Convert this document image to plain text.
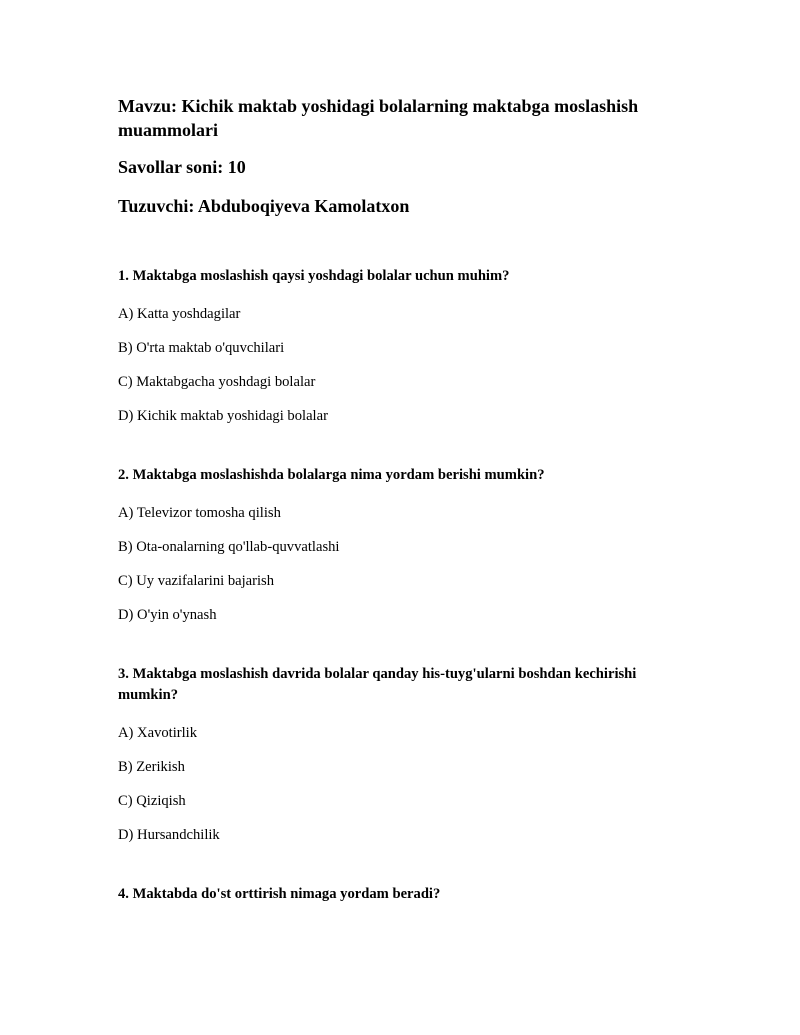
Mavzu: Kichik maktab yoshidagi bolalarning maktabga moslashish muammolari

Savollar soni: 10

Tuzuvchi: Abduboqiyeva Kamolatxon

1. Maktabga moslashish qaysi yoshdagi bolalar uchun muhim?

A) Katta yoshdagilar

B) O'rta maktab o'quvchilari

C) Maktabgacha yoshdagi bolalar

D) Kichik maktab yoshidagi bolalar

2. Maktabga moslashishda bolalarga nima yordam berishi mumkin?

A) Televizor tomosha qilish

B) Ota-onalarning qo'llab-quvvatlashi

C) Uy vazifalarini bajarish

D) O'yin o'ynash

3. Maktabga moslashish davrida bolalar qanday his-tuyg'ularni boshdan kechirishi mumkin?

A) Xavotirlik

B) Zerikish

C) Qiziqish

D) Hursandchilik

4. Maktabda do'st orttirish nimaga yordam beradi?
